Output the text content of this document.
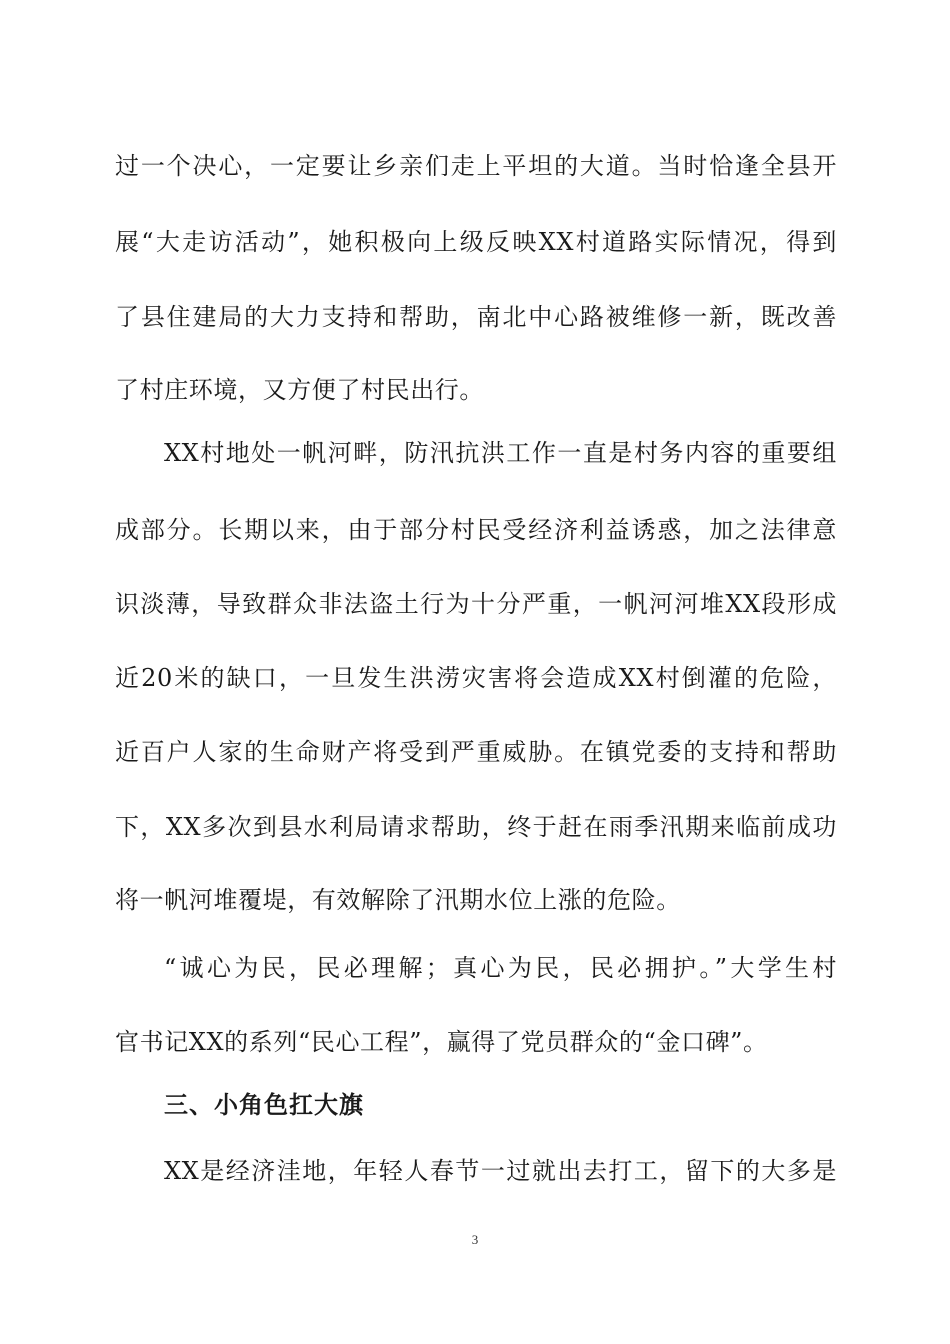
过一个决心，一定要让乡亲们走上平坦的大道。当时恰逢全县开
展“大走访活动”，她积极向上级反映XX村道路实际情况，得到
了县住建局的大力支持和帮助，南北中心路被维修一新，既改善
了村庄环境，又方便了村民出行。
XX村地处一帆河畔，防汛抗洪工作一直是村务内容的重要组
成部分。长期以来，由于部分村民受经济利益诱惑，加之法律意
识淡薄，导致群众非法盗土行为十分严重，一帆河河堆XX段形成
近20米的缺口，一旦发生洪涝灾害将会造成XX村倒灌的危险，
近百户人家的生命财产将受到严重威胁。在镇党委的支持和帮助
下，XX多次到县水利局请求帮助，终于赶在雨季汛期来临前成功
将一帆河堆覆堤，有效解除了汛期水位上涨的危险。
“诚心为民，民必理解；真心为民，民必拥护。”大学生村
官书记XX的系列“民心工程”，赢得了党员群众的“金口碑”。
三、小角色扛大旗
XX是经济洼地，年轻人春节一过就出去打工，留下的大多是
3
